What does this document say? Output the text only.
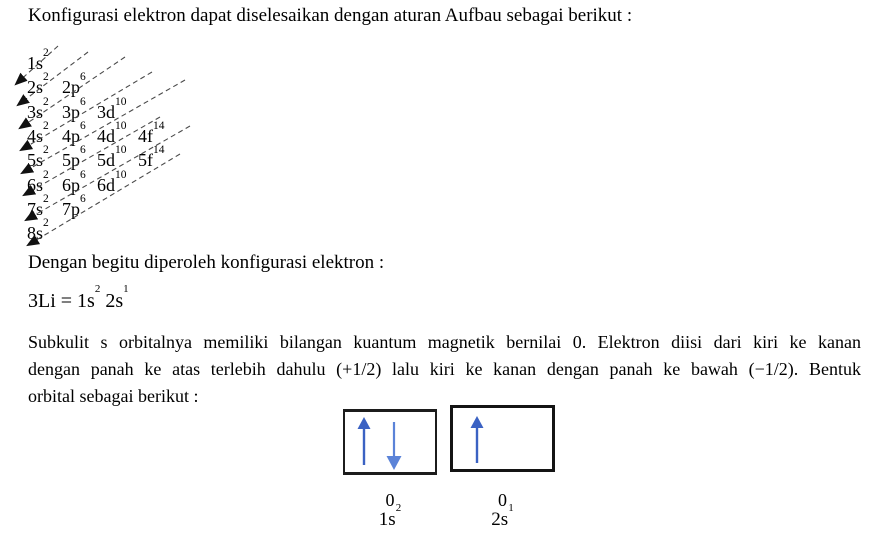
Konfigurasi elektron dapat diselesaikan dengan aturan Aufbau sebagai berikut :
$1s^2$
$2s^2$ $2p^6$
$3s^2$ $3p^6$ $3d^{10}$
$4s^2$ $4p^6$ $4d^{10}$ $4f^{14}$
$5s^2$ $5p^6$ $5d^{10}$ $5f^{14}$
$6s^2$ $6p^6$ $6d^{10}$
$7s^2$ $7p^6$
$8s^2$
Dengan begitu diperoleh konfigurasi elektron :
$3Li = 1s^2$ $2s^1$
Subkulit s orbitalnya memiliki bilangan kuantum magnetik bernilai 0. Elektron diisi dari kiri ke kanan
dengan panah ke atas terlebih dahulu (+1/2) lalu kiri ke kanan dengan panah ke bawah (−1/2). Bentuk
orbital sebagai berikut :
0
$1s^2$	0
$2s^1$
